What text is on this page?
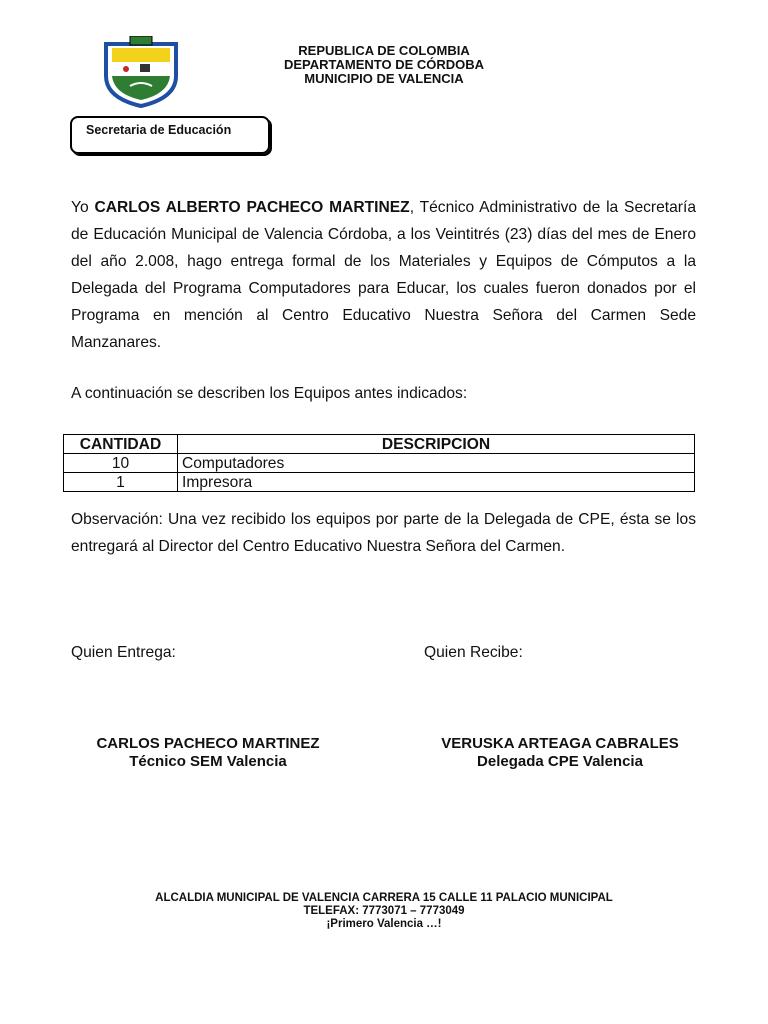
REPUBLICA DE COLOMBIA
DEPARTAMENTO DE CÓRDOBA
MUNICIPIO DE VALENCIA
Secretaria de Educación
Yo CARLOS ALBERTO PACHECO MARTINEZ, Técnico Administrativo de la Secretaría de Educación Municipal de Valencia Córdoba, a los Veintitrés (23) días del mes de Enero del año 2.008, hago entrega formal de los Materiales y Equipos de Cómputos a la Delegada del Programa Computadores para Educar, los cuales fueron donados por el Programa en mención al Centro Educativo Nuestra Señora del Carmen Sede Manzanares.
A continuación se describen los Equipos antes indicados:
CANTIDAD	DESCRIPCION
10	Computadores
1	Impresora
Observación: Una vez recibido los equipos por parte de la Delegada de CPE, ésta se los entregará al Director del Centro Educativo Nuestra Señora del Carmen.
Quien Entrega:	Quien Recibe:
CARLOS PACHECO MARTINEZ
Técnico SEM Valencia
VERUSKA ARTEAGA CABRALES
Delegada CPE Valencia
ALCALDIA MUNICIPAL DE VALENCIA CARRERA 15 CALLE 11 PALACIO MUNICIPAL
TELEFAX: 7773071 – 7773049
¡Primero Valencia …!
